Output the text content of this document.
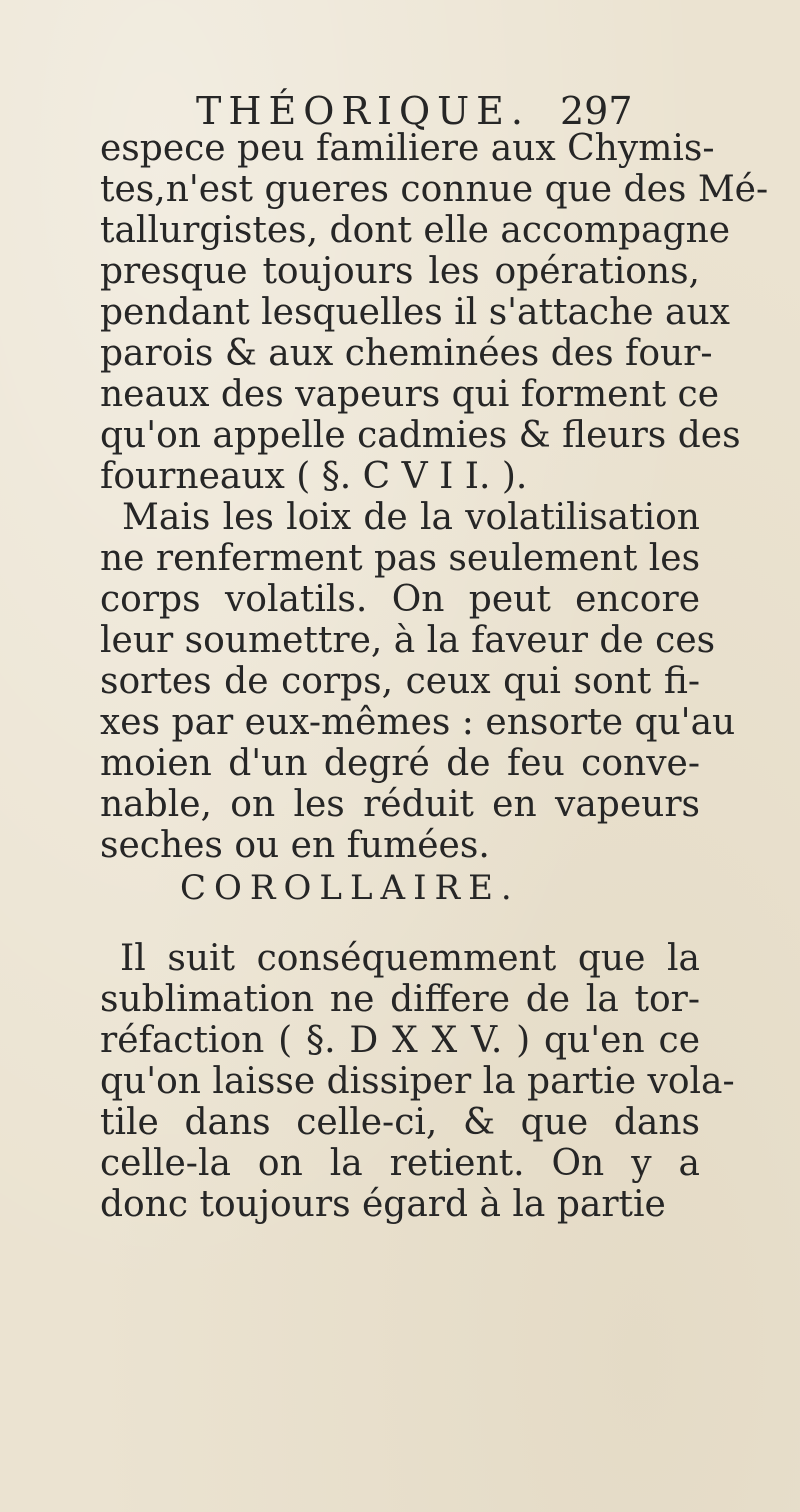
THÉORIQUE. 297
espece peu familiere aux Chymis-
tes,n'est gueres connue que des Mé-
tallurgistes, dont elle accompagne
presque toujours les opérations,
pendant lesquelles il s'attache aux
parois & aux cheminées des four-
neaux des vapeurs qui forment ce
qu'on appelle cadmies & fleurs des
fourneaux ( §. C V I I. ).
Mais les loix de la volatilisation
ne renferment pas seulement les
corps volatils. On peut encore
leur soumettre, à la faveur de ces
sortes de corps, ceux qui sont fi-
xes par eux-mêmes : ensorte qu'au
moien d'un degré de feu conve-
nable, on les réduit en vapeurs
seches ou en fumées.
COROLLAIRE.
Il suit conséquemment que la
sublimation ne differe de la tor-
réfaction ( §. D X X V. ) qu'en ce
qu'on laisse dissiper la partie vola-
tile dans celle-ci, & que dans
celle-la on la retient. On y a
donc toujours égard à la partie
